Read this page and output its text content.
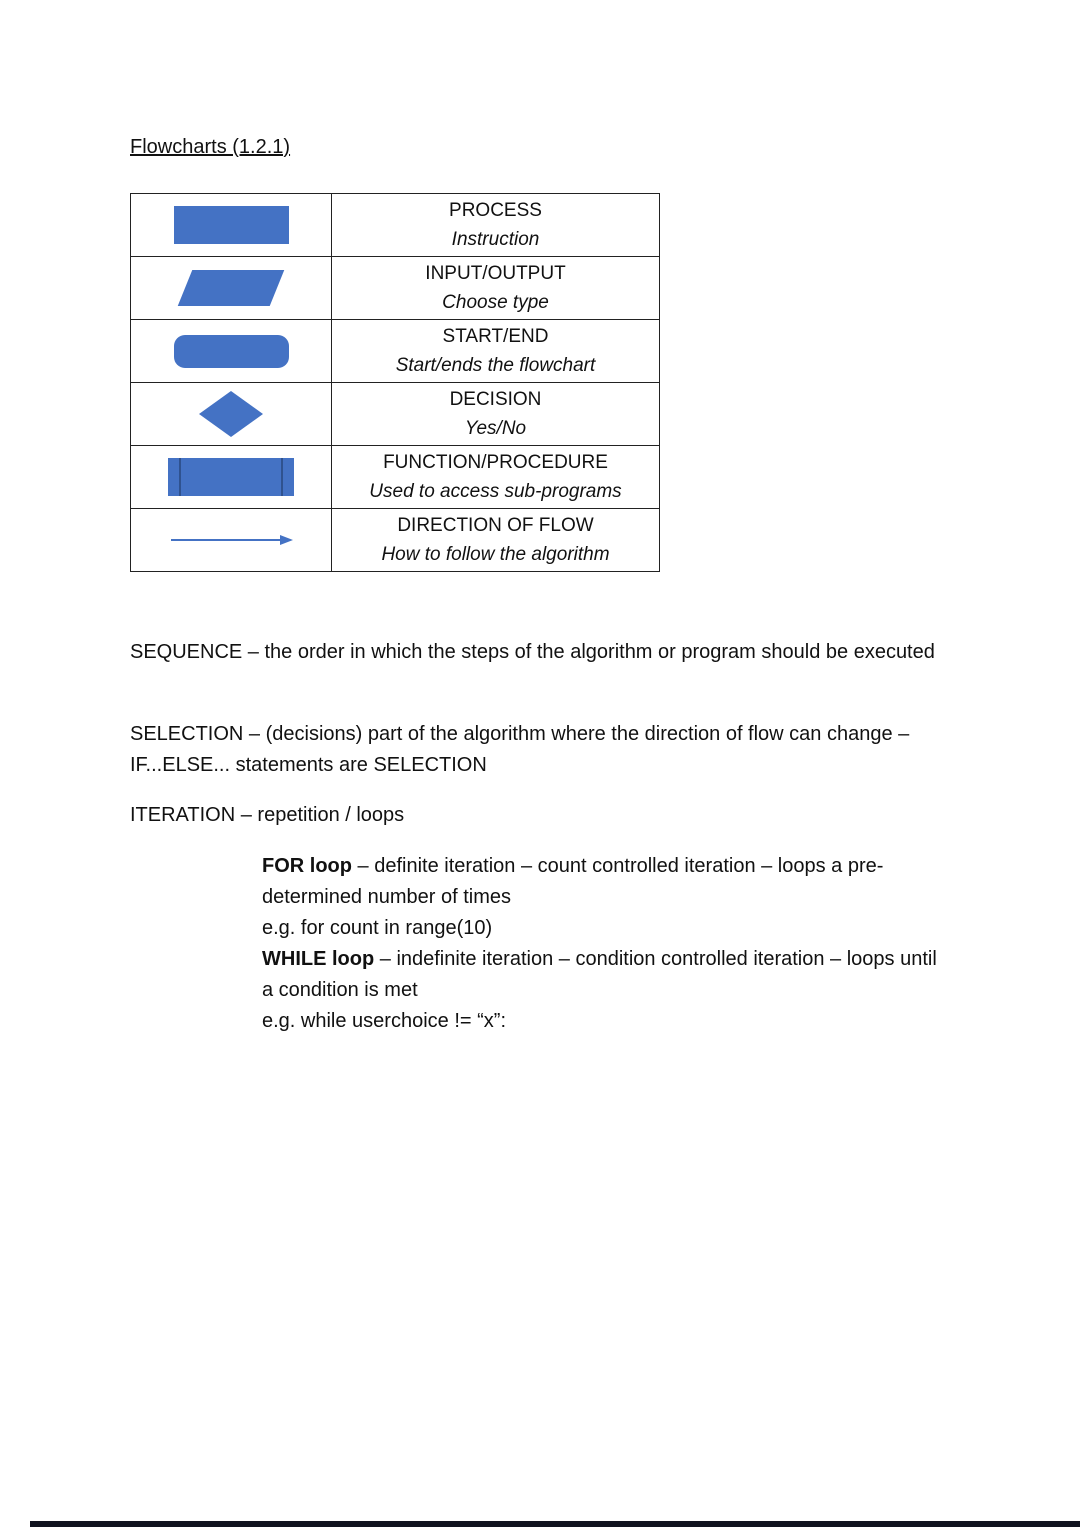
Flowcharts (1.2.1)

	PROCESS
Instruction

	INPUT/OUTPUT
Choose type

	START/END
Start/ends the flowchart

DECISION
Yes/No

	FUNCTION/PROCEDURE
Used to access sub-programs

DIRECTION OF FLOW
How to follow the algorithm
SEQUENCE – the order in which the steps of the algorithm or program should be executed
SELECTION – (decisions) part of the algorithm where the direction of flow can change – IF...ELSE... statements are SELECTION
ITERATION – repetition / loops
FOR loop – definite iteration – count controlled iteration – loops a pre-determined number of times
e.g. for count in range(10)
WHILE loop – indefinite iteration – condition controlled iteration – loops until a condition is met
e.g. while userchoice != “x”:
